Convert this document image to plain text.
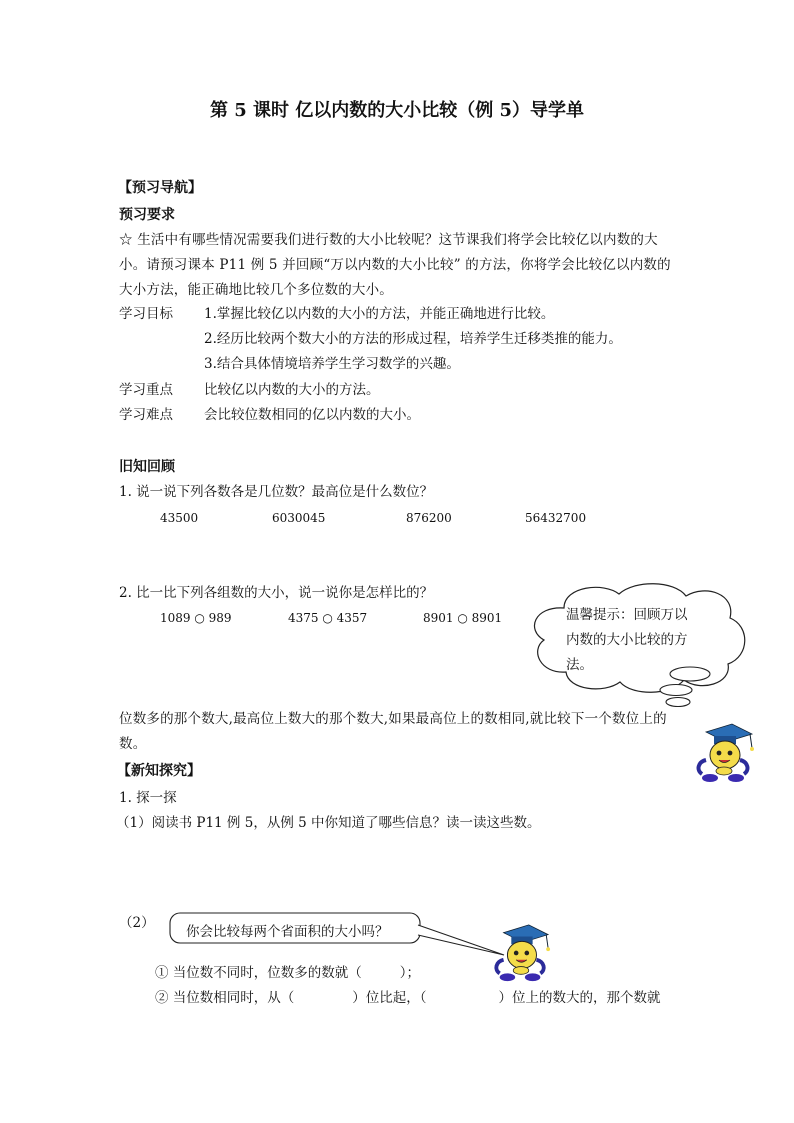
第 5 课时 亿以内数的大小比较（例 5）导学单
【预习导航】
预习要求
☆ 生活中有哪些情况需要我们进行数的大小比较呢？这节课我们将学会比较亿以内数的大小。请预习课本 P11 例 5 并回顾“万以内数的大小比较” 的方法，你将学会比较亿以内数的大小方法，能正确地比较几个多位数的大小。
学习目标 1.掌握比较亿以内数的大小的方法，并能正确地进行比较。
2.经历比较两个数大小的方法的形成过程，培养学生迁移类推的能力。
3.结合具体情境培养学生学习数学的兴趣。
学习重点 比较亿以内数的大小的方法。
学习难点 会比较位数相同的亿以内数的大小。
旧知回顾
1. 说一说下列各数各是几位数？最高位是什么数位？
43500	6030045	876200	56432700
2. 比一比下列各组数的大小，说一说你是怎样比的？
1089 ○ 989	4375 ○ 4357	8901 ○ 8901	温馨提示：回顾万以内数的大小比较的方法。
位数多的那个数大,最高位上数大的那个数大,如果最高位上的数相同,就比较下一个数位上的数。
【新知探究】
1. 探一探
（1）阅读书 P11 例 5，从例 5 中你知道了哪些信息？读一读这些数。
（2）
你会比较每两个省面积的大小吗？
① 当位数不同时，位数多的数就（	）；
② 当位数相同时，从（	）位比起，（	）位上的数大的，那个数就
